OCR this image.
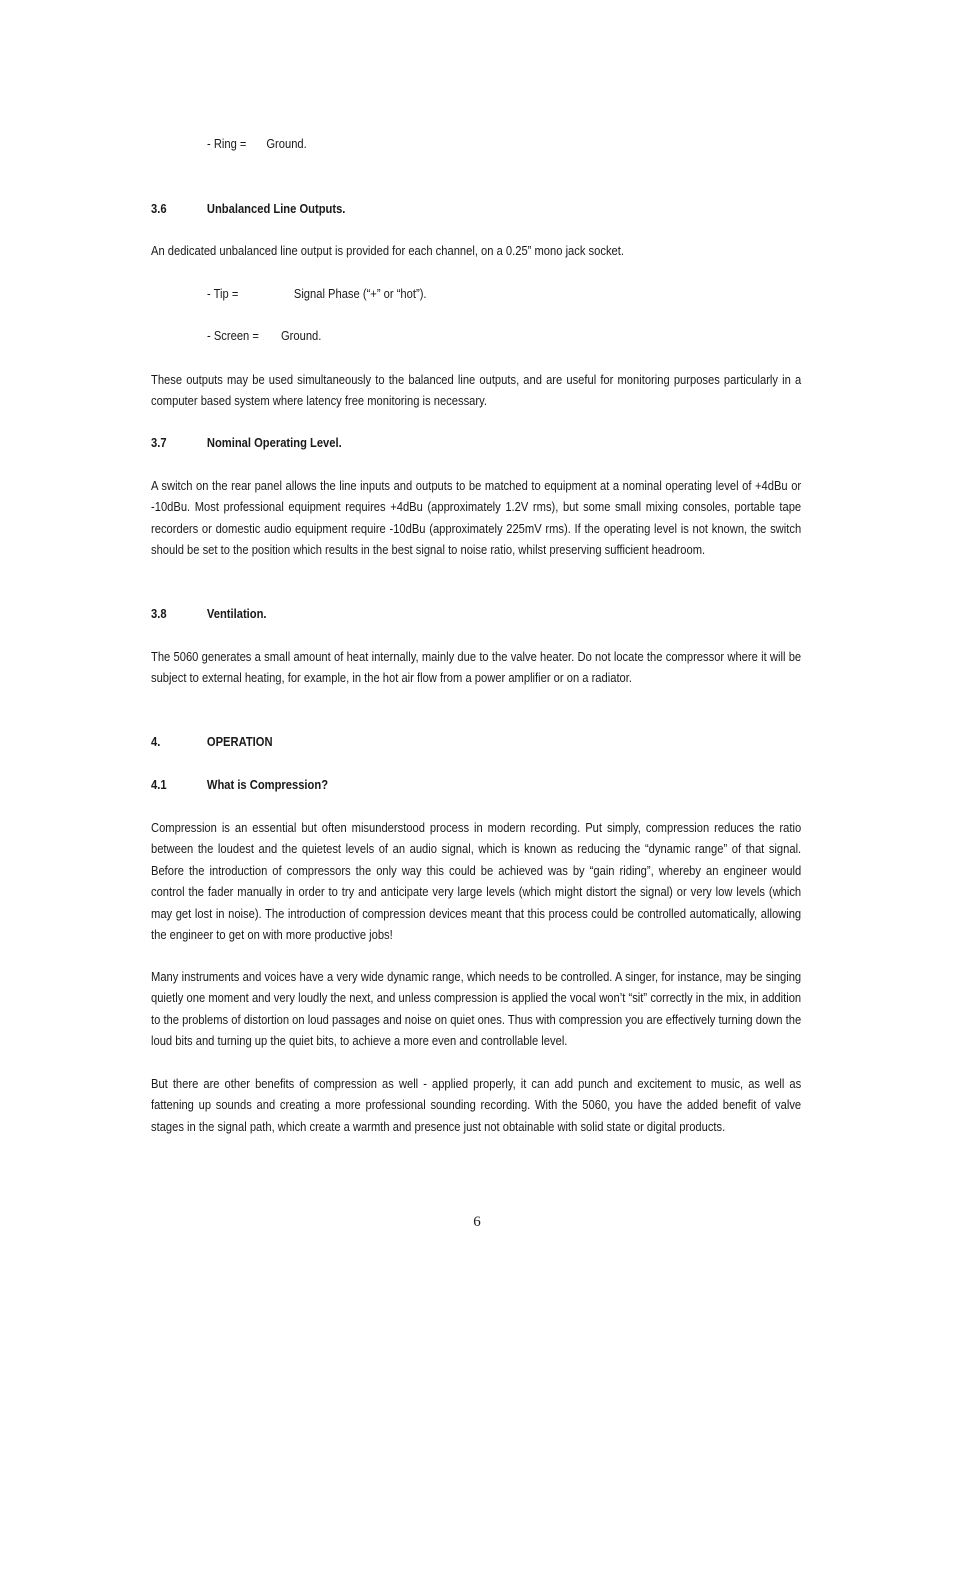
- Ring = Ground.
3.6	Unbalanced Line Outputs.
An dedicated unbalanced line output is provided for each channel, on a 0.25” mono jack socket.
- Tip =	Signal Phase (“+” or “hot”).
- Screen = Ground.
These outputs may be used simultaneously to the balanced line outputs, and are useful for monitoring purposes particularly in a computer based system where latency free monitoring is necessary.
3.7	Nominal Operating Level.
A switch on the rear panel allows the line inputs and outputs to be matched to equipment at a nominal operating level of +4dBu or -10dBu. Most professional equipment requires +4dBu (approximately 1.2V rms), but some small mixing consoles, portable tape recorders or domestic audio equipment require -10dBu (approximately 225mV rms). If the operating level is not known, the switch should be set to the position which results in the best signal to noise ratio, whilst preserving sufficient headroom.
3.8	Ventilation.
The 5060 generates a small amount of heat internally, mainly due to the valve heater. Do not locate the compressor where it will be subject to external heating, for example, in the hot air flow from a power amplifier or on a radiator.
4.	OPERATION
4.1	What is Compression?
Compression is an essential but often misunderstood process in modern recording. Put simply, compression reduces the ratio between the loudest and the quietest levels of an audio signal, which is known as reducing the “dynamic range” of that signal. Before the introduction of compressors the only way this could be achieved was by “gain riding”, whereby an engineer would control the fader manually in order to try and anticipate very large levels (which might distort the signal) or very low levels (which may get lost in noise). The introduction of compression devices meant that this process could be controlled automatically, allowing the engineer to get on with more productive jobs!
Many instruments and voices have a very wide dynamic range, which needs to be controlled. A singer, for instance, may be singing quietly one moment and very loudly the next, and unless compression is applied the vocal won’t “sit” correctly in the mix, in addition to the problems of distortion on loud passages and noise on quiet ones. Thus with compression you are effectively turning down the loud bits and turning up the quiet bits, to achieve a more even and controllable level.
But there are other benefits of compression as well - applied properly, it can add punch and excitement to music, as well as fattening up sounds and creating a more professional sounding recording. With the 5060, you have the added benefit of valve stages in the signal path, which create a warmth and presence just not obtainable with solid state or digital products.
6
